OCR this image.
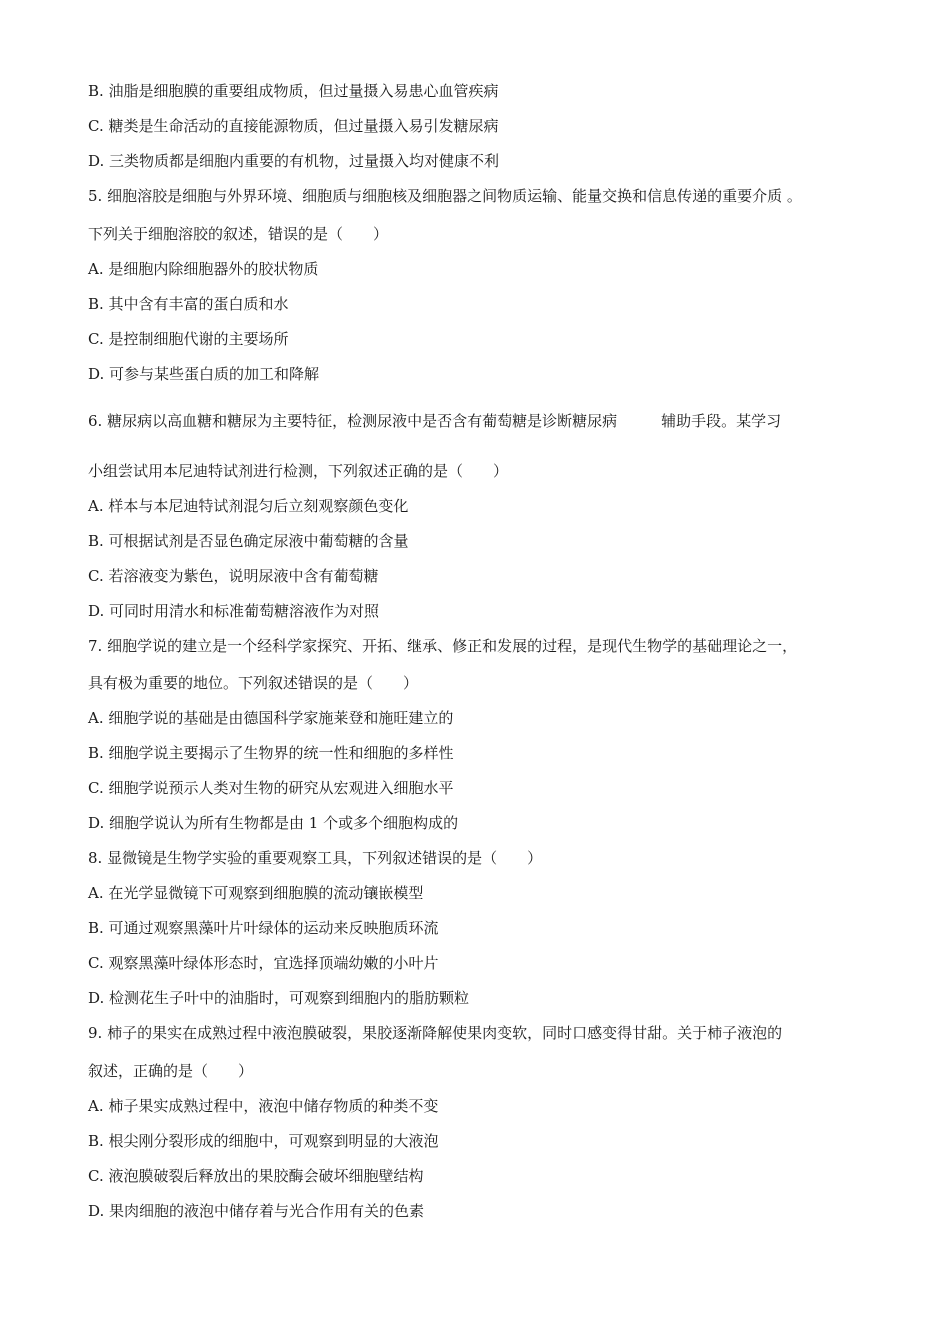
B. 油脂是细胞膜的重要组成物质，但过量摄入易患心血管疾病
C. 糖类是生命活动的直接能源物质，但过量摄入易引发糖尿病
D. 三类物质都是细胞内重要的有机物，过量摄入均对健康不利
5. 细胞溶胶是细胞与外界环境、细胞质与细胞核及细胞器之间物质运输、能量交换和信息传递的重要介质 。
下列关于细胞溶胶的叙述，错误的是（　　）
A. 是细胞内除细胞器外的胶状物质
B. 其中含有丰富的蛋白质和水
C. 是控制细胞代谢的主要场所
D. 可参与某些蛋白质的加工和降解
6. 糖尿病以高血糖和糖尿为主要特征，检测尿液中是否含有葡萄糖是诊断糖尿病	辅助手段。某学习
小组尝试用本尼迪特试剂进行检测，下列叙述正确的是（　　）
A. 样本与本尼迪特试剂混匀后立刻观察颜色变化
B. 可根据试剂是否显色确定尿液中葡萄糖的含量
C. 若溶液变为紫色，说明尿液中含有葡萄糖
D. 可同时用清水和标准葡萄糖溶液作为对照
7. 细胞学说的建立是一个经科学家探究、开拓、继承、修正和发展的过程，是现代生物学的基础理论之一，
具有极为重要的地位。下列叙述错误的是（　　）
A. 细胞学说的基础是由德国科学家施莱登和施旺建立的
B. 细胞学说主要揭示了生物界的统一性和细胞的多样性
C. 细胞学说预示人类对生物的研究从宏观进入细胞水平
D. 细胞学说认为所有生物都是由 1 个或多个细胞构成的
8. 显微镜是生物学实验的重要观察工具，下列叙述错误的是（　　）
A. 在光学显微镜下可观察到细胞膜的流动镶嵌模型
B. 可通过观察黑藻叶片叶绿体的运动来反映胞质环流
C. 观察黑藻叶绿体形态时，宜选择顶端幼嫩的小叶片
D. 检测花生子叶中的油脂时，可观察到细胞内的脂肪颗粒
9. 柿子的果实在成熟过程中液泡膜破裂，果胶逐渐降解使果肉变软，同时口感变得甘甜。关于柿子液泡的
叙述，正确的是（　　）
A. 柿子果实成熟过程中，液泡中储存物质的种类不变
B. 根尖刚分裂形成的细胞中，可观察到明显的大液泡
C. 液泡膜破裂后释放出的果胶酶会破坏细胞壁结构
D. 果肉细胞的液泡中储存着与光合作用有关的色素
